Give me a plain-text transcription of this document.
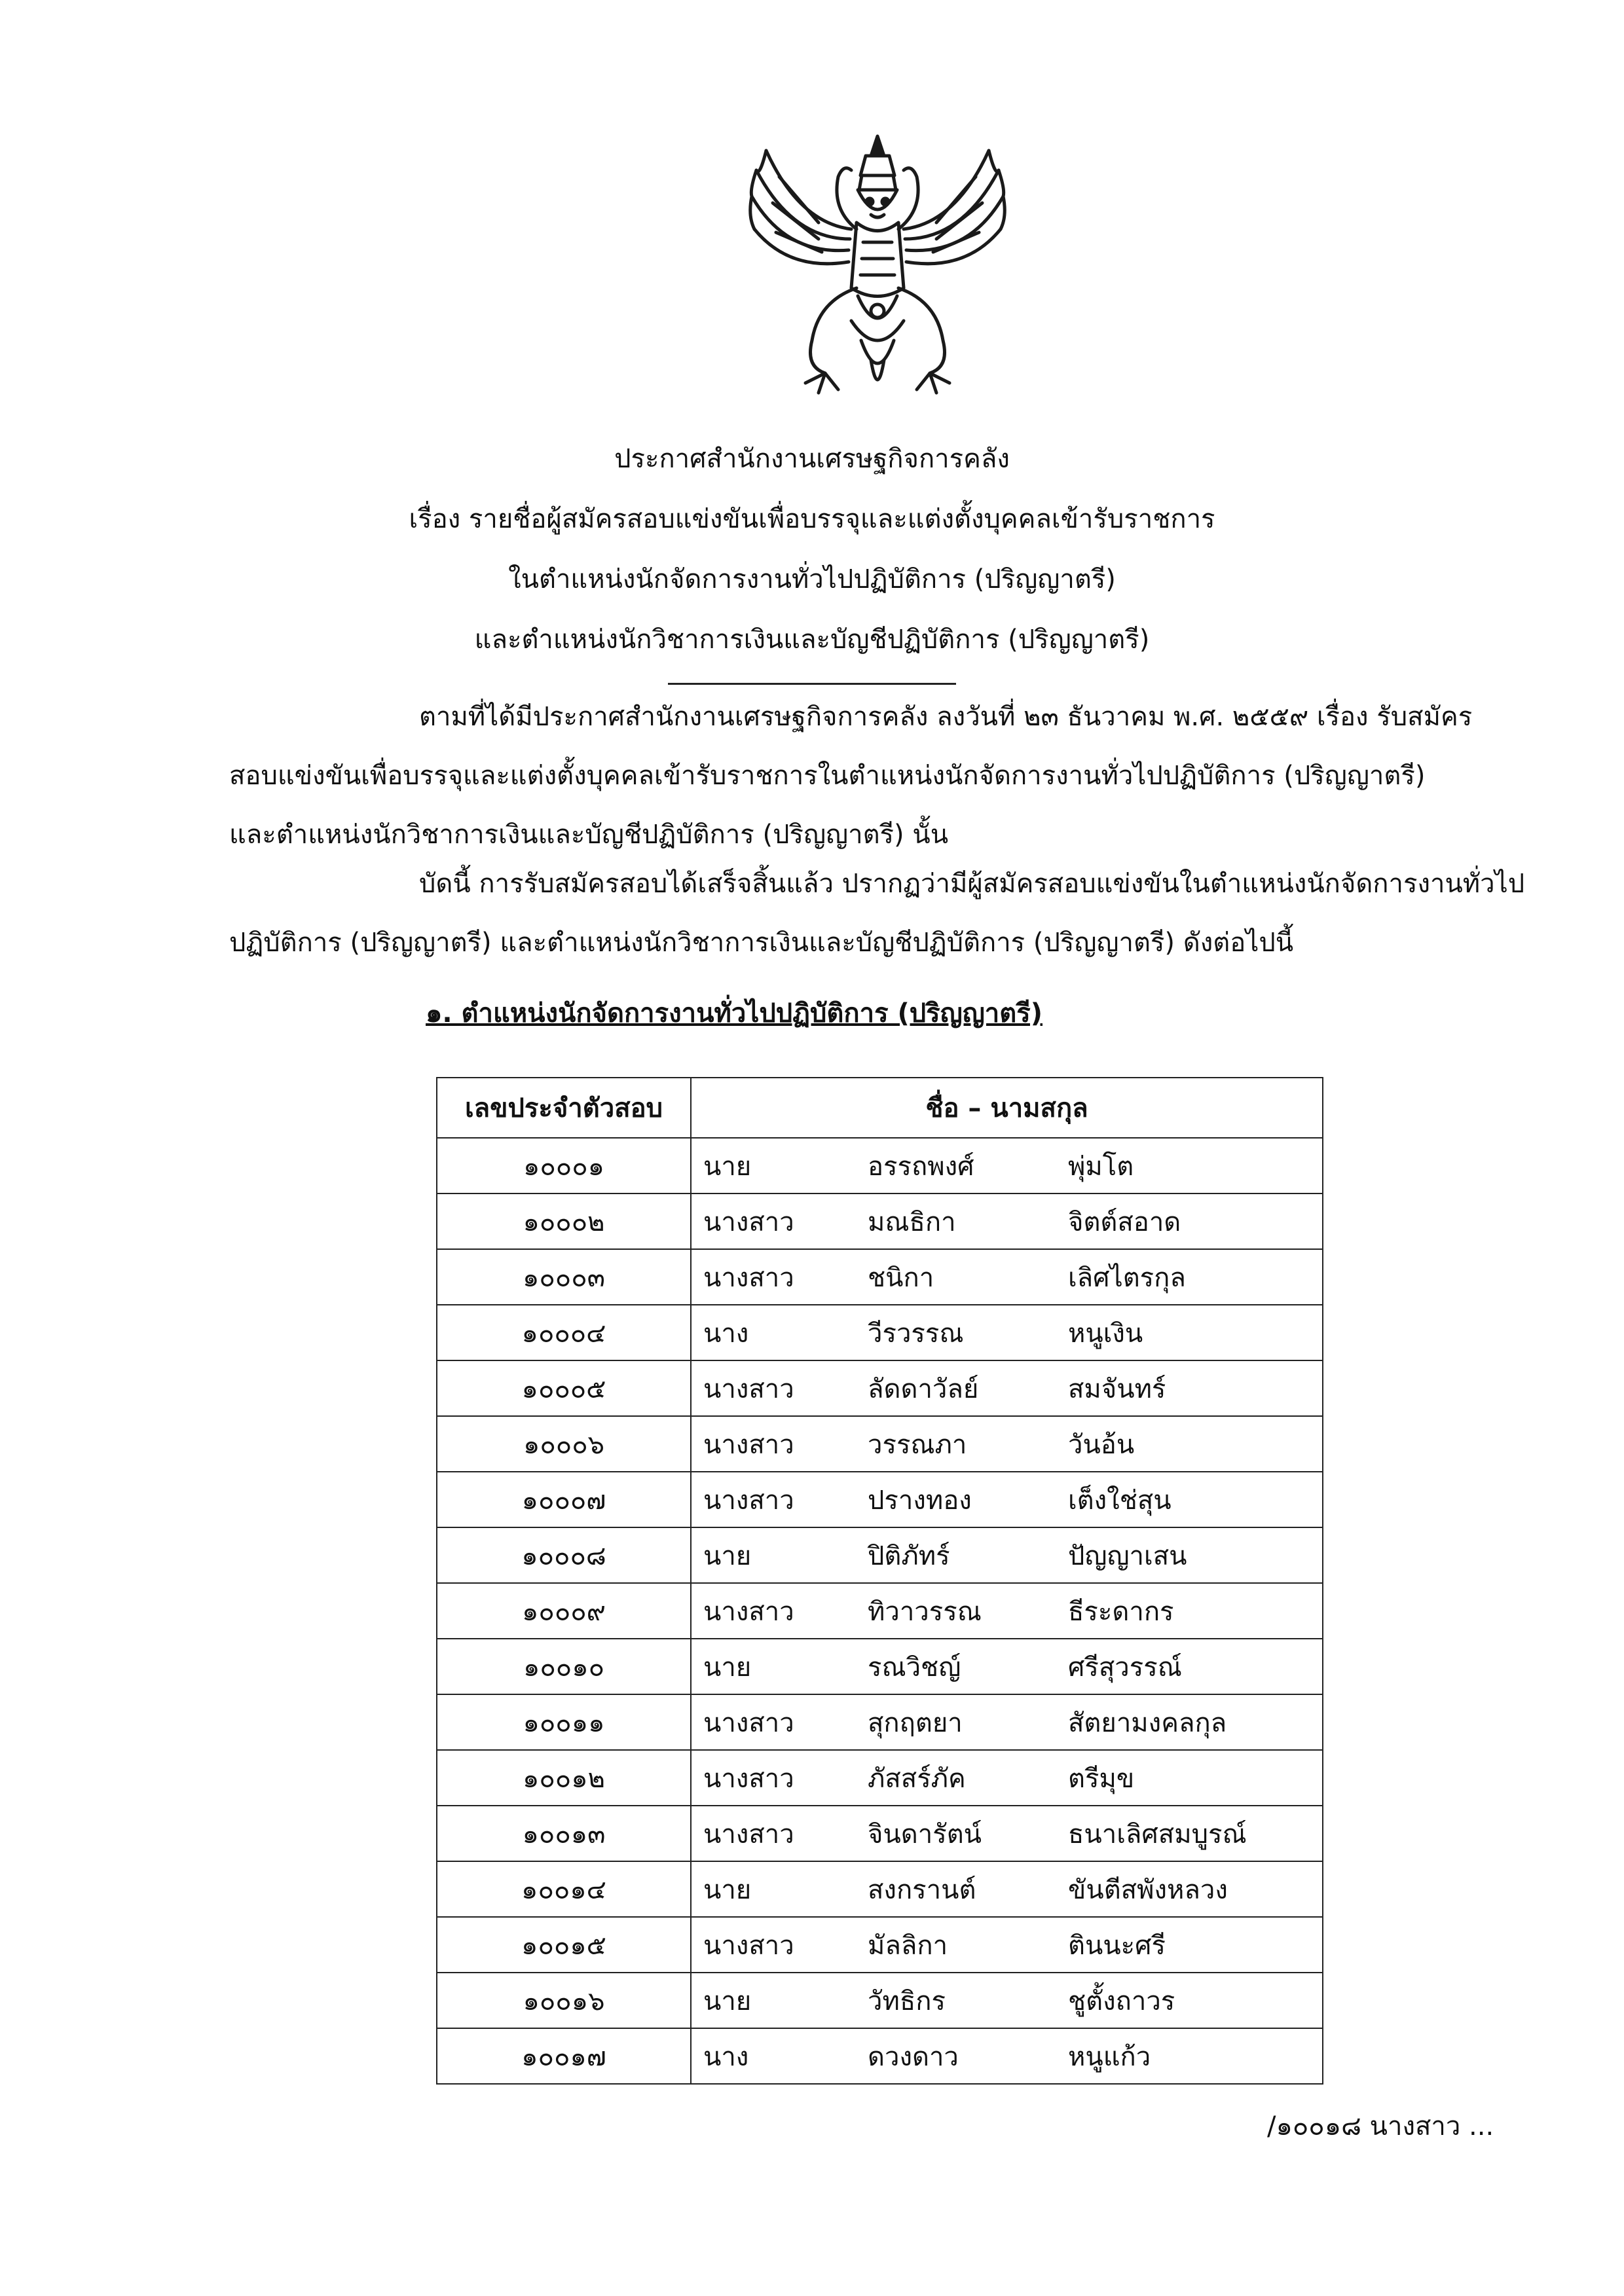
ประกาศสำนักงานเศรษฐกิจการคลัง
เรื่อง รายชื่อผู้สมัครสอบแข่งขันเพื่อบรรจุและแต่งตั้งบุคคลเข้ารับราชการ
ในตำแหน่งนักจัดการงานทั่วไปปฏิบัติการ (ปริญญาตรี)
และตำแหน่งนักวิชาการเงินและบัญชีปฏิบัติการ (ปริญญาตรี)
ตามที่ได้มีประกาศสำนักงานเศรษฐกิจการคลัง ลงวันที่ ๒๓ ธันวาคม พ.ศ. ๒๕๕๙ เรื่อง รับสมัคร
สอบแข่งขันเพื่อบรรจุและแต่งตั้งบุคคลเข้ารับราชการในตำแหน่งนักจัดการงานทั่วไปปฏิบัติการ (ปริญญาตรี)
และตำแหน่งนักวิชาการเงินและบัญชีปฏิบัติการ (ปริญญาตรี) นั้น
บัดนี้ การรับสมัครสอบได้เสร็จสิ้นแล้ว ปรากฏว่ามีผู้สมัครสอบแข่งขันในตำแหน่งนักจัดการงานทั่วไป
ปฏิบัติการ (ปริญญาตรี) และตำแหน่งนักวิชาการเงินและบัญชีปฏิบัติการ (ปริญญาตรี) ดังต่อไปนี้
๑. ตำแหน่งนักจัดการงานทั่วไปปฏิบัติการ (ปริญญาตรี)
เลขประจำตัวสอบ	ชื่อ – นามสกุล		
๑๐๐๐๑	นาย	อรรถพงศ์	พุ่มโต
๑๐๐๐๒	นางสาว	มณธิกา	จิตต์สอาด
๑๐๐๐๓	นางสาว	ชนิกา	เลิศไตรกุล
๑๐๐๐๔	นาง	วีรวรรณ	หนูเงิน
๑๐๐๐๕	นางสาว	ลัดดาวัลย์	สมจันทร์
๑๐๐๐๖	นางสาว	วรรณภา	วันอ้น
๑๐๐๐๗	นางสาว	ปรางทอง	เต็งใช่สุน
๑๐๐๐๘	นาย	ปิติภัทร์	ปัญญาเสน
๑๐๐๐๙	นางสาว	ทิวาวรรณ	ธีระดากร
๑๐๐๑๐	นาย	รณวิชญ์	ศรีสุวรรณ์
๑๐๐๑๑	นางสาว	สุกฤตยา	สัตยามงคลกุล
๑๐๐๑๒	นางสาว	ภัสสร์ภัค	ตรีมุข
๑๐๐๑๓	นางสาว	จินดารัตน์	ธนาเลิศสมบูรณ์
๑๐๐๑๔	นาย	สงกรานต์	ขันตีสพังหลวง
๑๐๐๑๕	นางสาว	มัลลิกา	ตินนะศรี
๑๐๐๑๖	นาย	วัทธิกร	ชูตั้งถาวร
๑๐๐๑๗	นาง	ดวงดาว	หนูแก้ว
/๑๐๐๑๘ นางสาว ...
